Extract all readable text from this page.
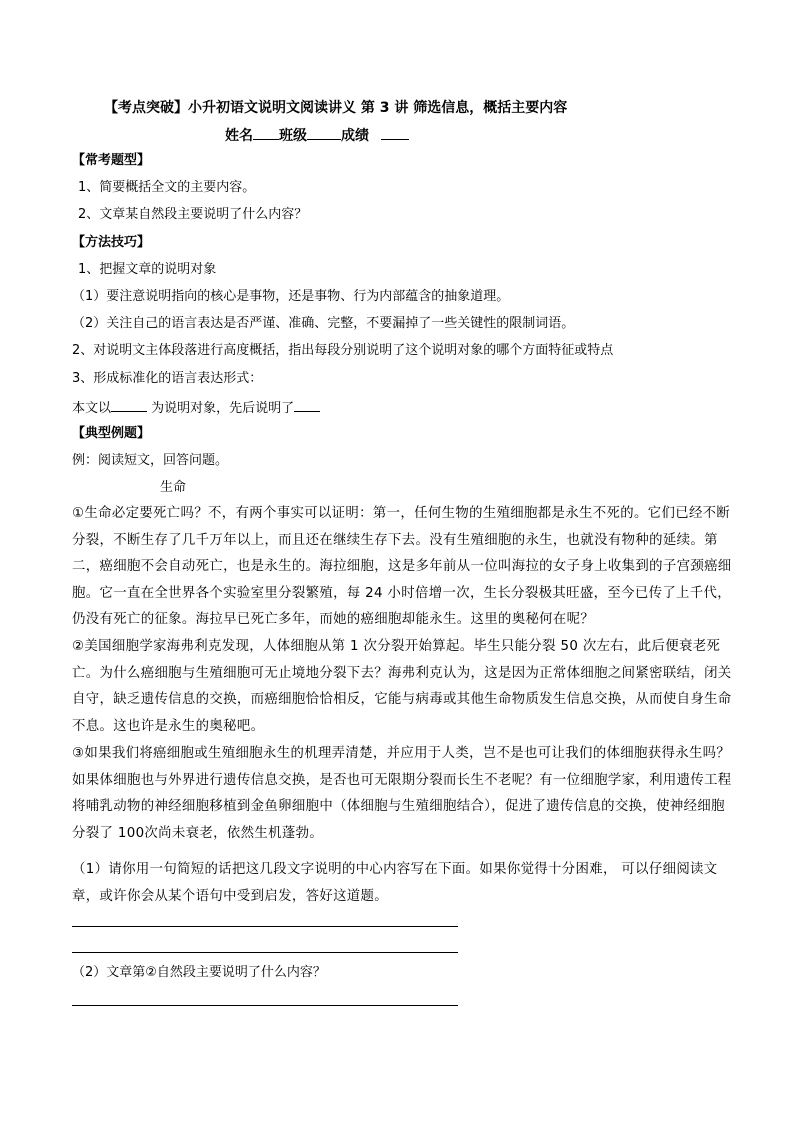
【考点突破】小升初语文说明文阅读讲义 第 3 讲 筛选信息，概括主要内容
姓名 班级 成绩
【常考题型】
1、简要概括全文的主要内容。
2、文章某自然段主要说明了什么内容？
【方法技巧】
1、把握文章的说明对象
（1）要注意说明指向的核心是事物，还是事物、行为内部蕴含的抽象道理。
（2）关注自己的语言表达是否严谨、准确、完整，不要漏掉了一些关键性的限制词语。
2、对说明文主体段落进行高度概括，指出每段分别说明了这个说明对象的哪个方面特征或特点
3、形成标准化的语言表达形式：
本文以	为说明对象，先后说明了
【典型例题】
例：阅读短文，回答问题。
生命
①生命必定要死亡吗？不，有两个事实可以证明：第一，任何生物的生殖细胞都是永生不死的。它们已经不断分裂，不断生存了几千万年以上，而且还在继续生存下去。没有生殖细胞的永生，也就没有物种的延续。第二，癌细胞不会自动死亡，也是永生的。海拉细胞，这是多年前从一位叫海拉的女子身上收集到的子宫颈癌细胞。它一直在全世界各个实验室里分裂繁殖，每 24 小时倍增一次，生长分裂极其旺盛，至今已传了上千代，仍没有死亡的征象。海拉早已死亡多年，而她的癌细胞却能永生。这里的奥秘何在呢？
②美国细胞学家海弗利克发现，人体细胞从第 1 次分裂开始算起。毕生只能分裂 50 次左右，此后便衰老死亡。为什么癌细胞与生殖细胞可无止境地分裂下去？海弗利克认为，这是因为正常体细胞之间紧密联结，闭关自守，缺乏遗传信息的交换，而癌细胞恰恰相反，它能与病毒或其他生命物质发生信息交换，从而使自身生命不息。这也许是永生的奥秘吧。
③如果我们将癌细胞或生殖细胞永生的机理弄清楚，并应用于人类，岂不是也可让我们的体细胞获得永生吗？如果体细胞也与外界进行遗传信息交换，是否也可无限期分裂而长生不老呢？有一位细胞学家，利用遗传工程将哺乳动物的神经细胞移植到金鱼卵细胞中（体细胞与生殖细胞结合），促进了遗传信息的交换，使神经细胞分裂了 100次尚未衰老，依然生机蓬勃。
（1）请你用一句简短的话把这几段文字说明的中心内容写在下面。如果你觉得十分困难， 可以仔细阅读文章，或许你会从某个语句中受到启发，答好这道题。
（2）文章第②自然段主要说明了什么内容？
